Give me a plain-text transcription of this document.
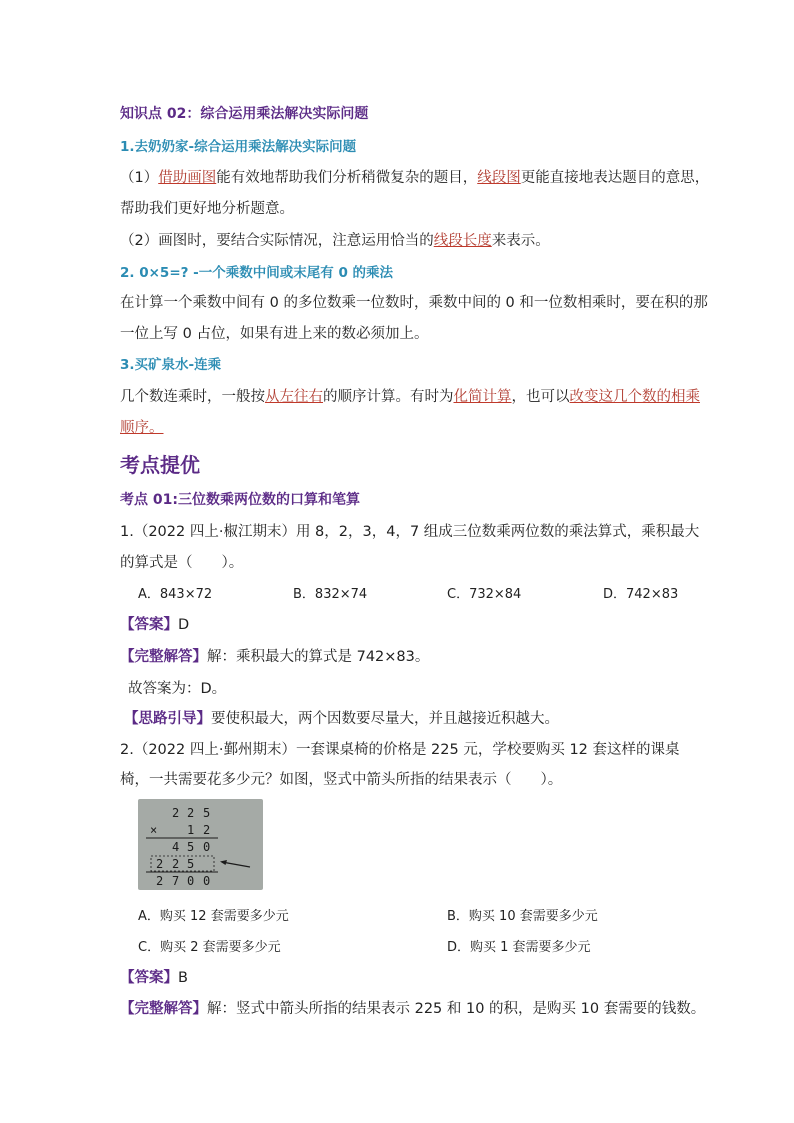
知识点 02：综合运用乘法解决实际问题
1.去奶奶家-综合运用乘法解决实际问题
（1）借助画图能有效地帮助我们分析稍微复杂的题目，线段图更能直接地表达题目的意思，
帮助我们更好地分析题意。
（2）画图时，要结合实际情况，注意运用恰当的线段长度来表示。
2. 0×5=? -一个乘数中间或末尾有 0 的乘法
在计算一个乘数中间有 0 的多位数乘一位数时，乘数中间的 0 和一位数相乘时，要在积的那
一位上写 0 占位，如果有进上来的数必须加上。
3.买矿泉水-连乘
几个数连乘时，一般按从左往右的顺序计算。有时为化简计算，也可以改变这几个数的相乘
顺序。
考点提优
考点 01:三位数乘两位数的口算和笔算
1.（2022 四上·椒江期末）用 8，2，3，4，7 组成三位数乘两位数的乘法算式，乘积最大
的算式是（　　）。
A．843×72	B．832×74	C．732×84	D．742×83
【答案】D
【完整解答】解：乘积最大的算式是 742×83。
故答案为：D。
【思路引导】要使积最大，两个因数要尽量大，并且越接近积越大。
2.（2022 四上·鄞州期末）一套课桌椅的价格是 225 元，学校要购买 12 套这样的课桌
椅，一共需要花多少元？如图，竖式中箭头所指的结果表示（　　）。
2 2 5
× 1 2
4 5 0
2 2 5
2 7 0 0
A．购买 12 套需要多少元	B．购买 10 套需要多少元
C．购买 2 套需要多少元	D．购买 1 套需要多少元
【答案】B
【完整解答】解：竖式中箭头所指的结果表示 225 和 10 的积，是购买 10 套需要的钱数。
